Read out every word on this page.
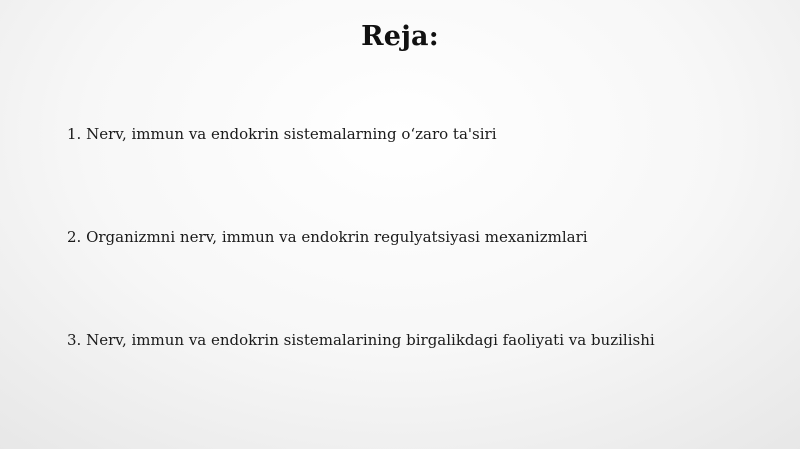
Reja:
1. Nerv, immun va endokrin sistemalarning o‘zaro ta'siri
2. Organizmni nerv, immun va endokrin regulyatsiyasi mexanizmlari
3. Nerv, immun va endokrin sistemalarining birgalikdagi faoliyati va buzilishi
